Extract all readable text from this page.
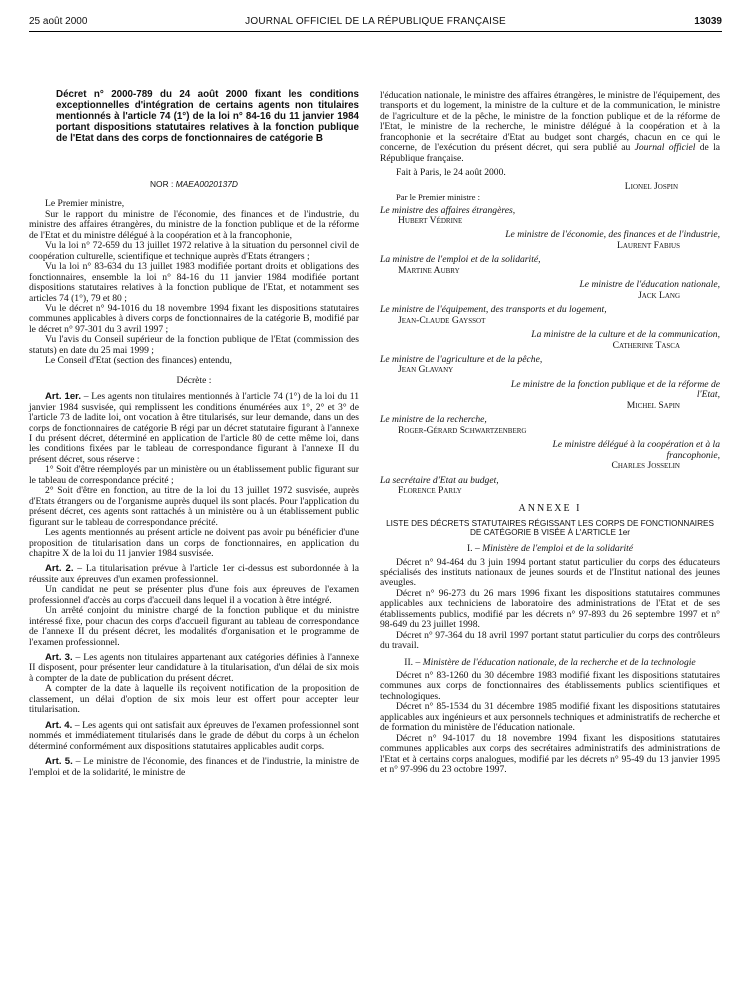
25 août 2000	JOURNAL OFFICIEL DE LA RÉPUBLIQUE FRANÇAISE	13039
Décret n° 2000-789 du 24 août 2000 fixant les conditions exceptionnelles d'intégration de certains agents non titulaires mentionnés à l'article 74 (1°) de la loi n° 84-16 du 11 janvier 1984 portant dispositions statutaires relatives à la fonction publique de l'Etat dans des corps de fonctionnaires de catégorie B

NOR : MAEA0020137D

Le Premier ministre,

Sur le rapport du ministre de l'économie, des finances et de l'industrie, du ministre des affaires étrangères, du ministre de la fonction publique et de la réforme de l'Etat et du ministre délégué à la coopération et à la francophonie,

Vu la loi n° 72-659 du 13 juillet 1972 relative à la situation du personnel civil de coopération culturelle, scientifique et technique auprès d'Etats étrangers ;

Vu la loi n° 83-634 du 13 juillet 1983 modifiée portant droits et obligations des fonctionnaires, ensemble la loi n° 84-16 du 11 janvier 1984 modifiée portant dispositions statutaires relatives à la fonction publique de l'Etat, et notamment ses articles 74 (1°), 79 et 80 ;

Vu le décret n° 94-1016 du 18 novembre 1994 fixant les dispositions statutaires communes applicables à divers corps de fonctionnaires de la catégorie B, modifié par le décret n° 97-301 du 3 avril 1997 ;

Vu l'avis du Conseil supérieur de la fonction publique de l'Etat (commission des statuts) en date du 25 mai 1999 ;

Le Conseil d'Etat (section des finances) entendu,

Décrète :

Art. 1er. – Les agents non titulaires mentionnés à l'article 74 (1°) de la loi du 11 janvier 1984 susvisée, qui remplissent les conditions énumérées aux 1°, 2° et 3° de l'article 73 de ladite loi, ont vocation à être titularisés, sur leur demande, dans un des corps de fonctionnaires de catégorie B régi par un décret statutaire figurant à l'annexe I du présent décret, déterminé en application de l'article 80 de cette même loi, dans les conditions fixées par le tableau de correspondance figurant à l'annexe II du présent décret, sous réserve :

1° Soit d'être réemployés par un ministère ou un établissement public figurant sur le tableau de correspondance précité ;

2° Soit d'être en fonction, au titre de la loi du 13 juillet 1972 susvisée, auprès d'Etats étrangers ou de l'organisme auprès duquel ils sont placés. Pour l'application du présent décret, ces agents sont rattachés à un ministère ou à un établissement public figurant sur le tableau de correspondance précité.

Les agents mentionnés au présent article ne doivent pas avoir pu bénéficier d'une proposition de titularisation dans un corps de fonctionnaires, en application du chapitre X de la loi du 11 janvier 1984 susvisée.

Art. 2. – La titularisation prévue à l'article 1er ci-dessus est subordonnée à la réussite aux épreuves d'un examen professionnel.

Un candidat ne peut se présenter plus d'une fois aux épreuves de l'examen professionnel d'accès au corps d'accueil dans lequel il a vocation à être intégré.

Un arrêté conjoint du ministre chargé de la fonction publique et du ministre intéressé fixe, pour chacun des corps d'accueil figurant au tableau de correspondance de l'annexe II du présent décret, les modalités d'organisation et le programme de l'examen professionnel.

Art. 3. – Les agents non titulaires appartenant aux catégories définies à l'annexe II disposent, pour présenter leur candidature à la titularisation, d'un délai de six mois à compter de la date de publication du présent décret.

A compter de la date à laquelle ils reçoivent notification de la proposition de classement, un délai d'option de six mois leur est offert pour accepter leur titularisation.

Art. 4. – Les agents qui ont satisfait aux épreuves de l'examen professionnel sont nommés et immédiatement titularisés dans le grade de début du corps à un échelon déterminé conformément aux dispositions statutaires applicables audit corps.

Art. 5. – Le ministre de l'économie, des finances et de l'industrie, la ministre de l'emploi et de la solidarité, le ministre de

l'éducation nationale, le ministre des affaires étrangères, le ministre de l'équipement, des transports et du logement, la ministre de la culture et de la communication, le ministre de l'agriculture et de la pêche, le ministre de la fonction publique et de la réforme de l'Etat, le ministre de la recherche, le ministre délégué à la coopération et à la francophonie et la secrétaire d'Etat au budget sont chargés, chacun en ce qui le concerne, de l'exécution du présent décret, qui sera publié au Journal officiel de la République française.

Fait à Paris, le 24 août 2000.

Lionel Jospin

Par le Premier ministre :

Le ministre des affaires étrangères,
Hubert Védrine
Le ministre de l'économie, des finances et de l'industrie,
Laurent Fabius
La ministre de l'emploi et de la solidarité,
Martine Aubry
Le ministre de l'éducation nationale,
Jack Lang
Le ministre de l'équipement, des transports et du logement,
Jean-Claude Gayssot
La ministre de la culture et de la communication,
Catherine Tasca
Le ministre de l'agriculture et de la pêche,
Jean Glavany
Le ministre de la fonction publique et de la réforme de l'Etat,
Michel Sapin
Le ministre de la recherche,
Roger-Gérard Schwartzenberg
Le ministre délégué à la coopération et à la francophonie,
Charles Josselin
La secrétaire d'Etat au budget,
Florence Parly

ANNEXE I

LISTE DES DÉCRETS STATUTAIRES RÉGISSANT LES CORPS DE FONCTIONNAIRES DE CATÉGORIE B VISÉE À L'ARTICLE 1er

I. – Ministère de l'emploi et de la solidarité

Décret n° 94-464 du 3 juin 1994 portant statut particulier du corps des éducateurs spécialisés des instituts nationaux de jeunes sourds et de l'Institut national des jeunes aveugles.

Décret n° 96-273 du 26 mars 1996 fixant les dispositions statutaires communes applicables aux techniciens de laboratoire des administrations de l'Etat et de ses établissements publics, modifié par les décrets n° 97-893 du 26 septembre 1997 et n° 98-649 du 23 juillet 1998.

Décret n° 97-364 du 18 avril 1997 portant statut particulier du corps des contrôleurs du travail.

II. – Ministère de l'éducation nationale, de la recherche et de la technologie

Décret n° 83-1260 du 30 décembre 1983 modifié fixant les dispositions statutaires communes aux corps de fonctionnaires des établissements publics scientifiques et technologiques.

Décret n° 85-1534 du 31 décembre 1985 modifié fixant les dispositions statutaires applicables aux ingénieurs et aux personnels techniques et administratifs de recherche et de formation du ministère de l'éducation nationale.

Décret n° 94-1017 du 18 novembre 1994 fixant les dispositions statutaires communes applicables aux corps des secrétaires administratifs des administrations de l'Etat et à certains corps analogues, modifié par les décrets n° 95-49 du 13 janvier 1995 et n° 97-996 du 23 octobre 1997.
